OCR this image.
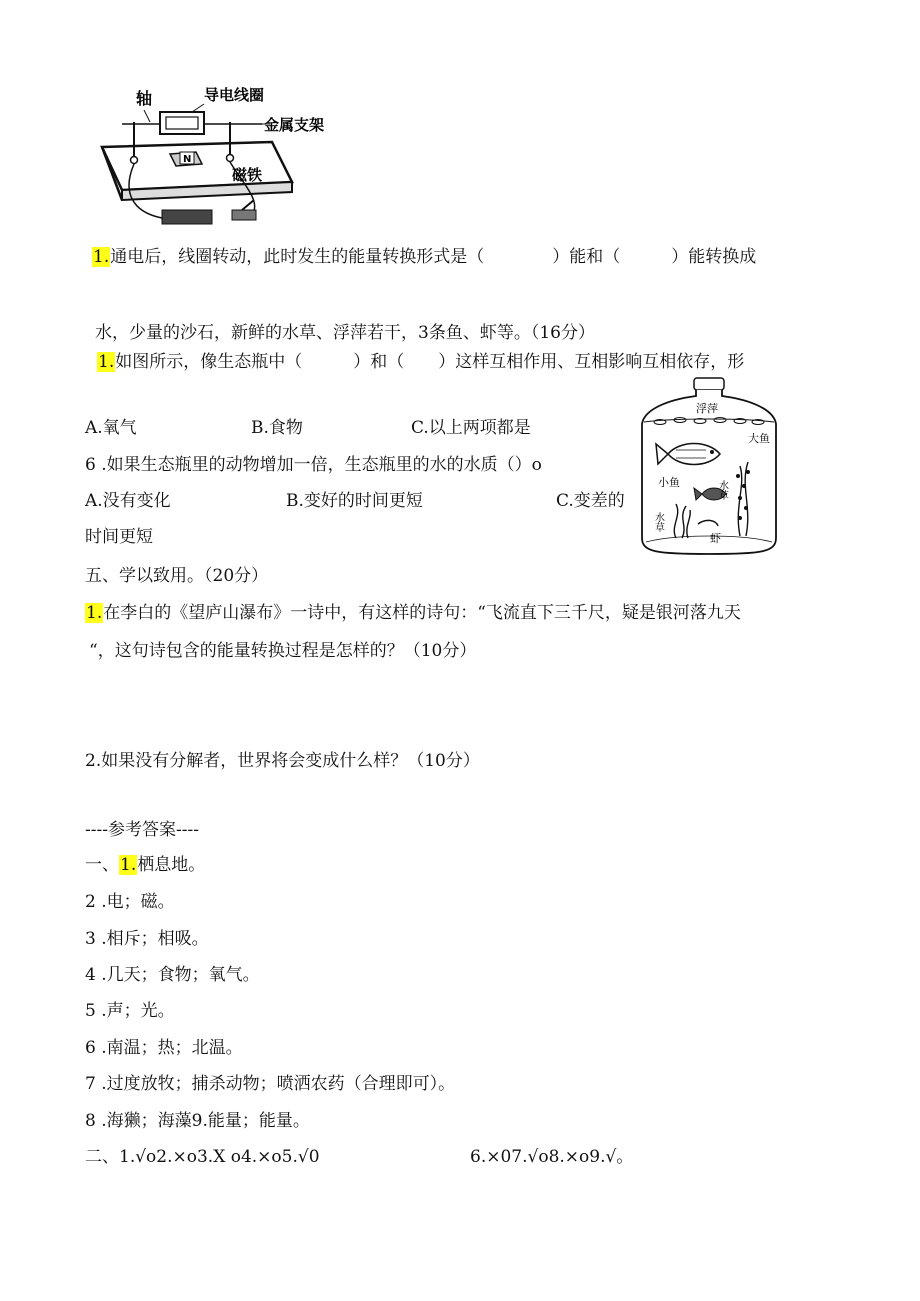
轴	导电线圈
金属支架
N
磁铁
1.通电后，线圈转动，此时发生的能量转换形式是（　　　　）能和（　　　）能转换成
水，少量的沙石，新鲜的水草、浮萍若干，3条鱼、虾等。（16分）
1.如图所示，像生态瓶中（　　　）和（　　）这样互相作用、互相影响互相依存，形
浮萍
大鱼
小鱼	水草
水草
虾
A.氧气	B.食物	C.以上两项都是
6 .如果生态瓶里的动物增加一倍，生态瓶里的水的水质（）o
A.没有变化	B.变好的时间更短	C.变差的
时间更短
五、学以致用。（20分）
1.在李白的《望庐山瀑布》一诗中，有这样的诗句：“飞流直下三千尺，疑是银河落九天
“，这句诗包含的能量转换过程是怎样的？（10分）
2.如果没有分解者，世界将会变成什么样？（10分）
----参考答案----
一、1.栖息地。
2 .电；磁。
3 .相斥；相吸。
4 .几天；食物；氧气。
5 .声；光。
6 .南温；热；北温。
7 .过度放牧；捕杀动物；喷洒农药（合理即可）。
8 .海獭；海藻9.能量；能量。
二、1.√o2.×o3.X o4.×o5.√0	6.×07.√o8.×o9.√。
